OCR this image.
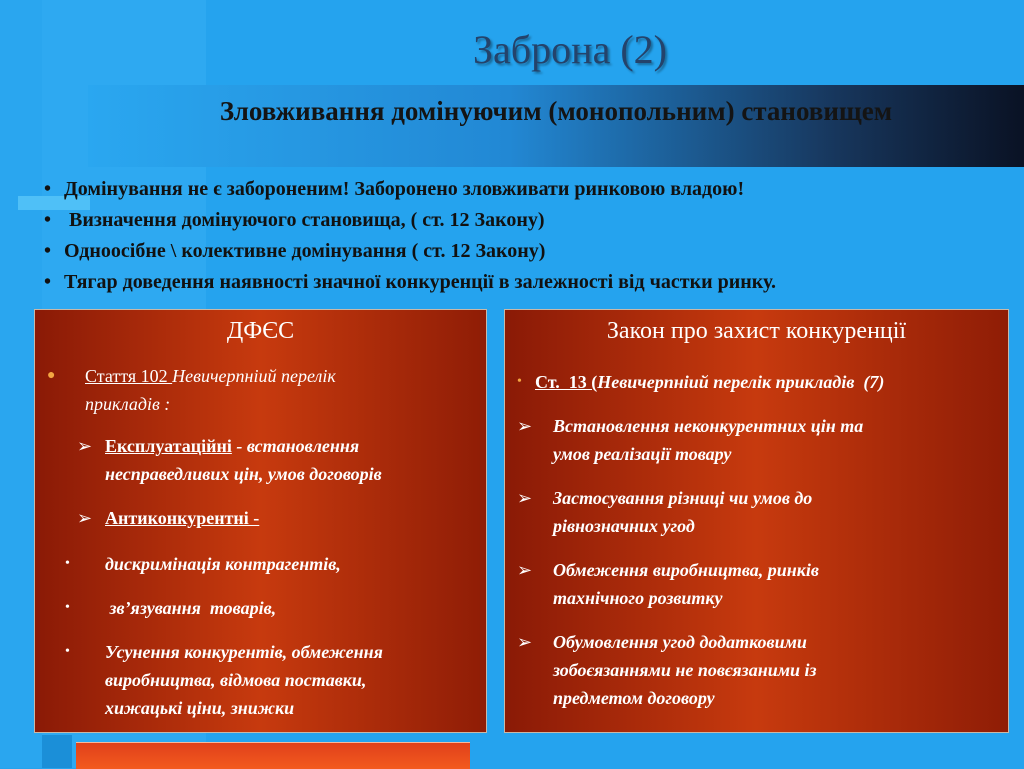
Заброна (2)
Зловживання домінуючим (монопольним) становищем
• Домінування не є забороненим! Заборонено зловживати ринковою владою!
• Визначення домінуючого становища, ( ст. 12 Закону)
• Одноосібне \ колективне домінування ( ст. 12 Закону)
• Тягар доведення наявності значної конкуренції в залежності від частки ринку.
ДФЄС
● Стаття 102 Невичерпніий перелік
прикладів :
➢ Експлуатаційні - встановлення
несправедливих цін, умов договорів
➢ Антиконкурентні -
• дискримінація контрагентів,
• зв’язування  товарів,
• Усунення конкурентів, обмеження
виробництва, відмова поставки,
хижацькі ціни, знижки
Закон про захист конкуренції
• Ст.  13 (Невичерпніий перелік прикладів  (7)
➢ Встановлення неконкурентних цін та
умов реалізації товару
➢ Застосування різниці чи умов до
рівнозначних угод
➢ Обмеження виробництва, ринків
тахнічного розвитку
➢ Обумовлення угод додатковими
зобоєязаннями не повєязаними із
предметом договору
